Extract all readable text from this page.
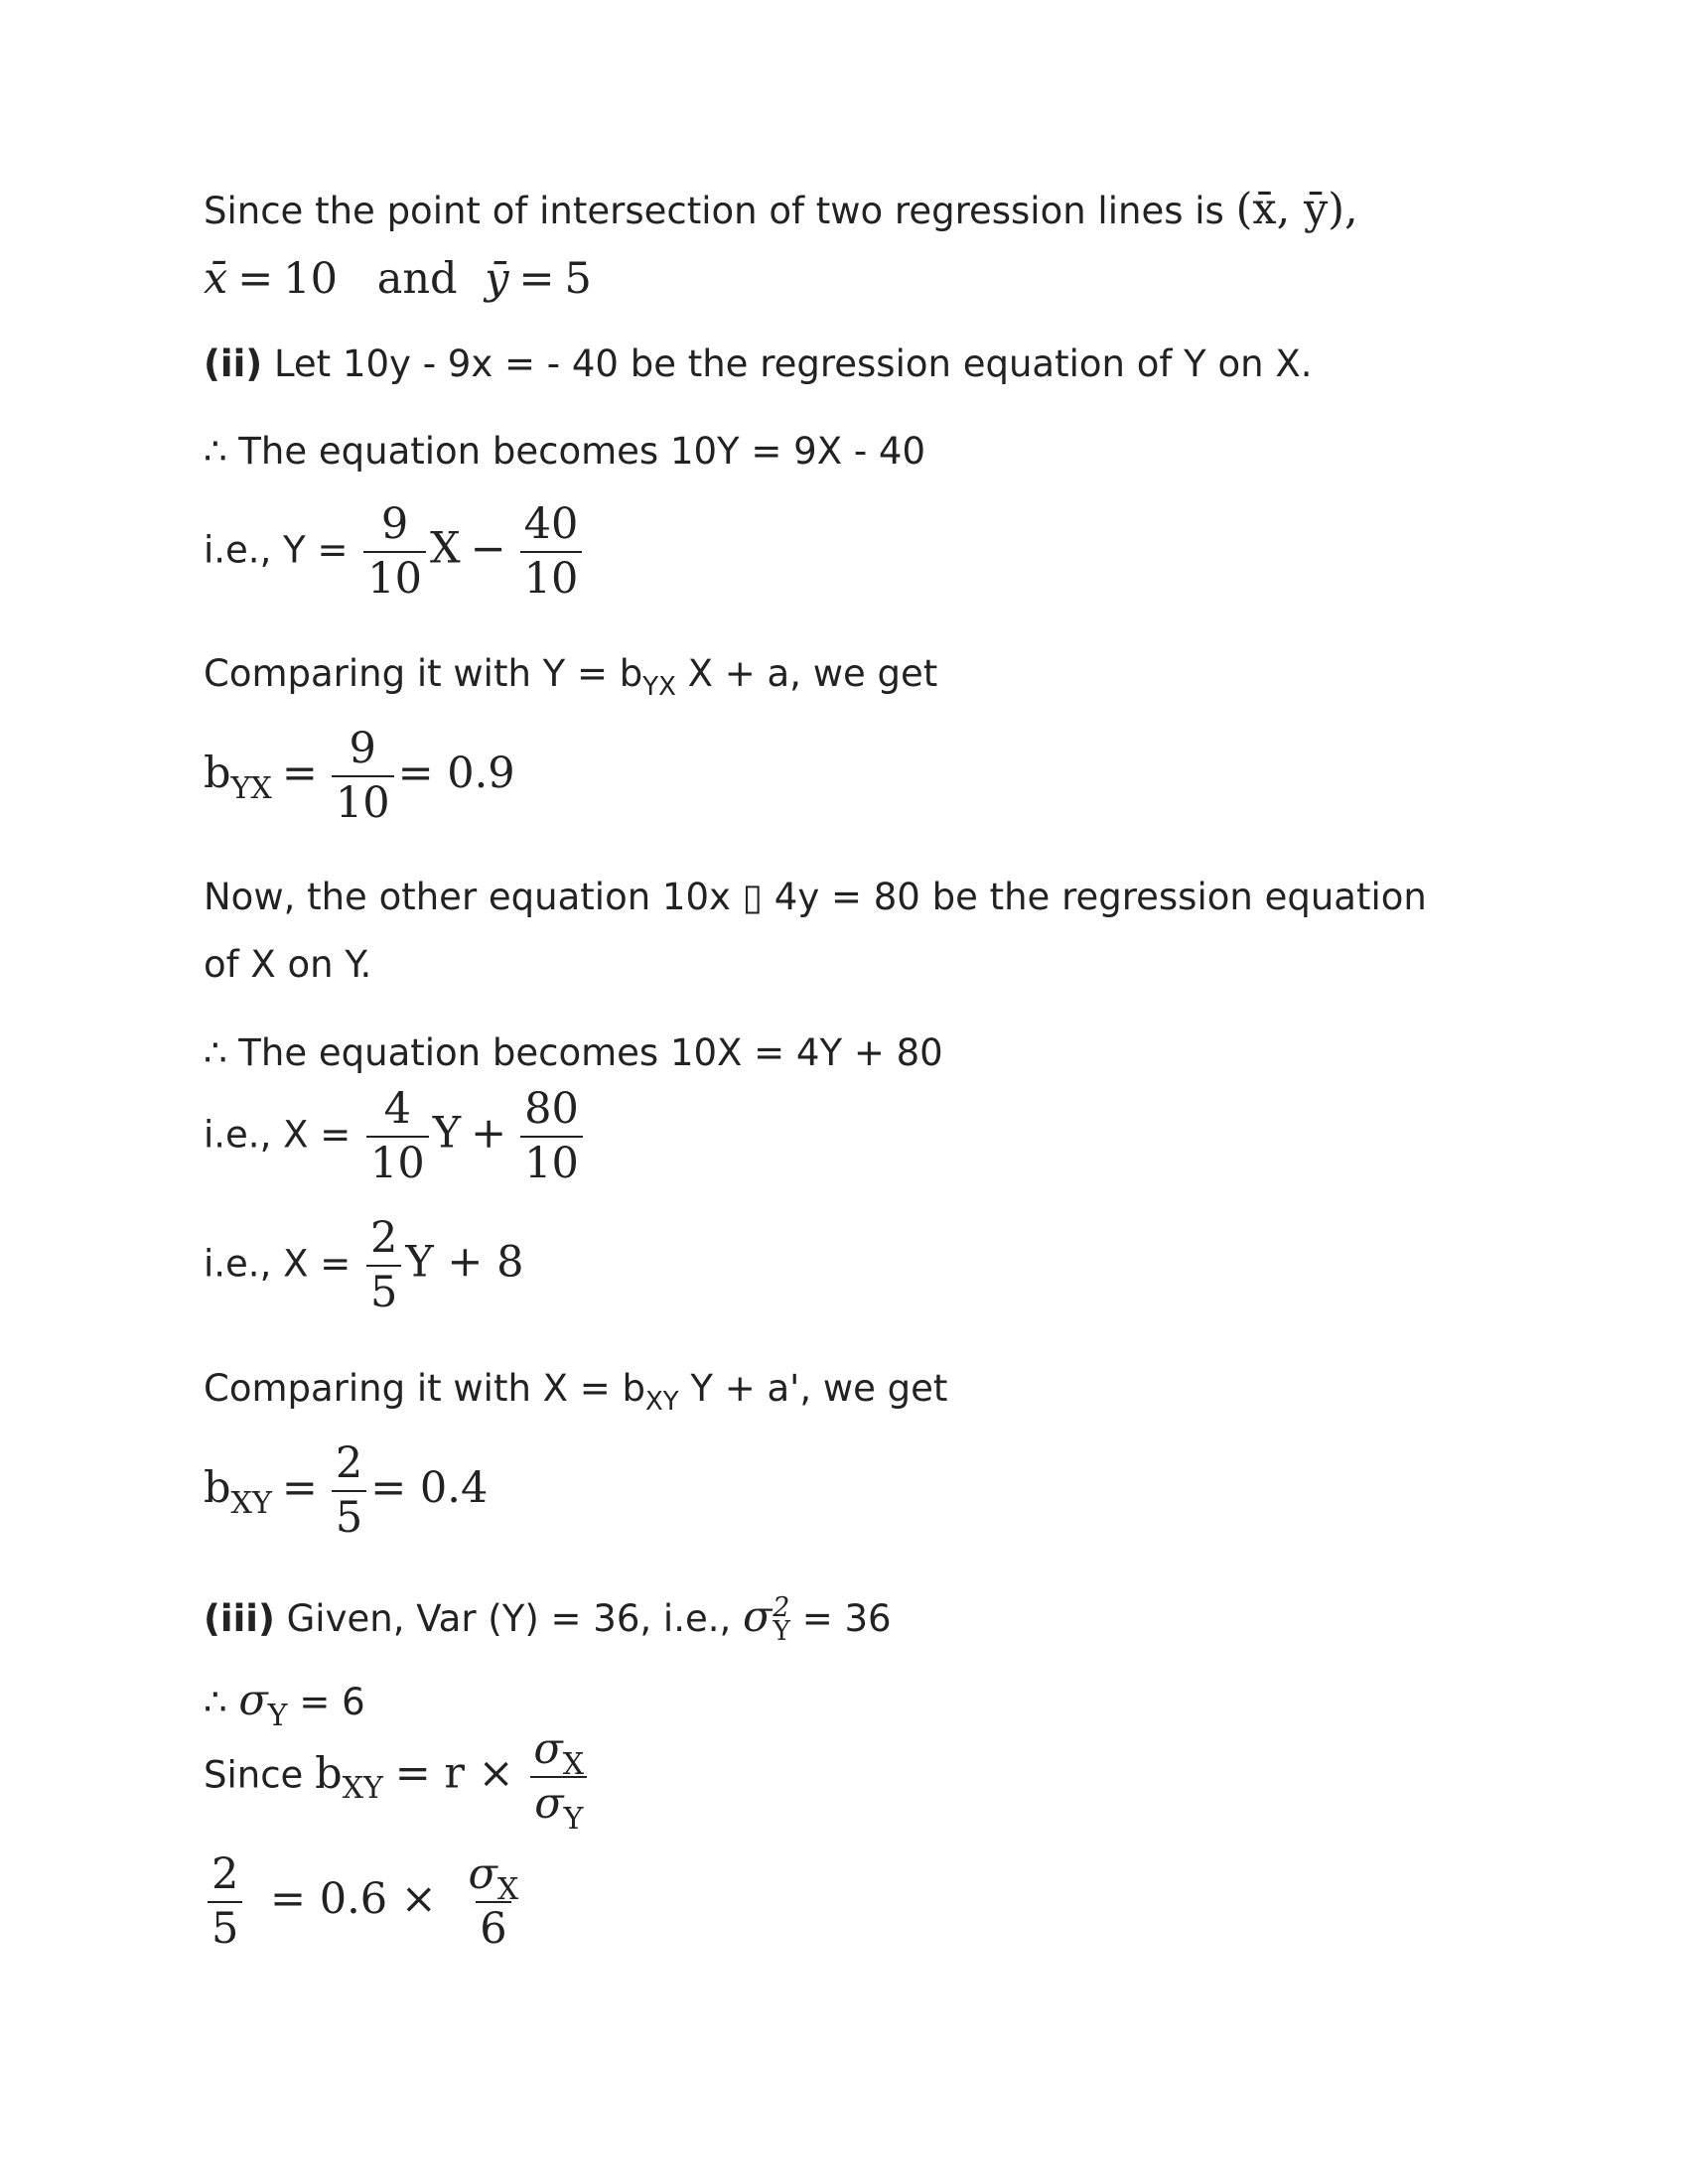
Since the point of intersection of two regression lines is (x̄, ȳ),
x̄ = 10 and ȳ = 5
(ii) Let 10y - 9x = - 40 be the regression equation of Y on X.
∴ The equation becomes 10Y = 9X - 40
i.e., $Y = \frac{9}{10}$ $X - \frac{40}{10}$
Comparing it with $Y = b_{YX}$ X + a, we get
$b_{YX} = \frac{9}{10} = 0.9$
Now, the other equation 10x ▯ 4y = 80 be the regression equation
of X on Y.
∴ The equation becomes 10X = 4Y + 80
i.e., $X = \frac{4}{10}$ $Y + \frac{80}{10}$
i.e., $X = \frac{2}{5}$ Y + 8
Comparing it with $X = b_{XY}$ Y + a', we get
$b_{XY} = \frac{2}{5} = 0.4$
(iii) Given, Var (Y) = 36, i.e., σ 2
Y = 36
∴ $\sigma_Y = 6$
Since $b_{XY} = r \times \frac{\sigma_X}{\sigma_Y}$
$\frac{2}{5} = 0.6 \times \frac{\sigma_X}{6}$
